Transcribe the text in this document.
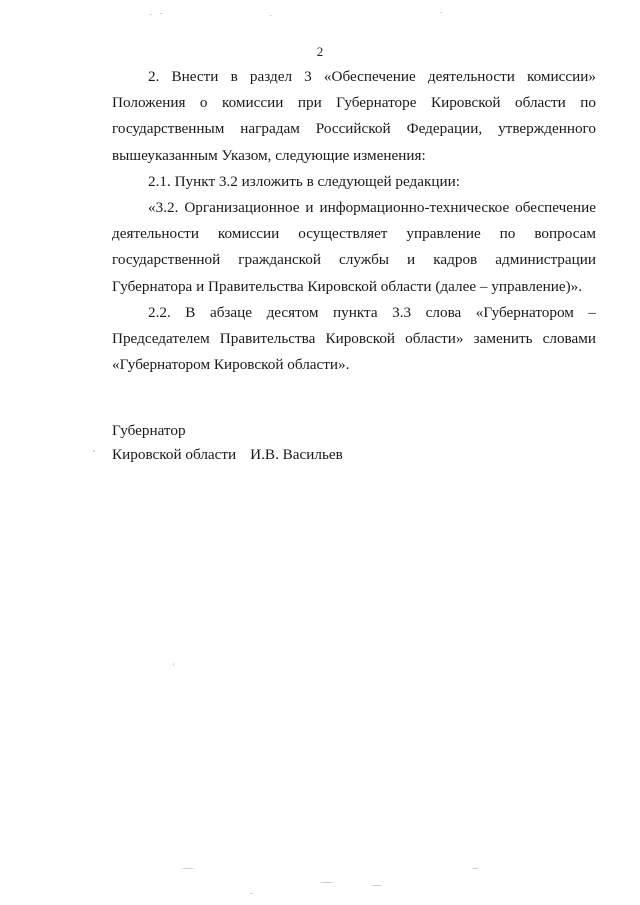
2

2. Внести в раздел 3 «Обеспечение деятельности комиссии» Положения о комиссии при Губернаторе Кировской области по государственным наградам Российской Федерации, утвержденного вышеуказанным Указом, следующие изменения:

2.1. Пункт 3.2 изложить в следующей редакции:

«3.2. Организационное и информационно-техническое обеспечение деятельности комиссии осуществляет управление по вопросам государственной гражданской службы и кадров администрации Губернатора и Правительства Кировской области (далее – управление)».

2.2. В абзаце десятом пункта 3.3 слова «Губернатором – Председателем Правительства Кировской области» заменить словами «Губернатором Кировской области».

Губернатор
Кировской области И.В. Васильев
